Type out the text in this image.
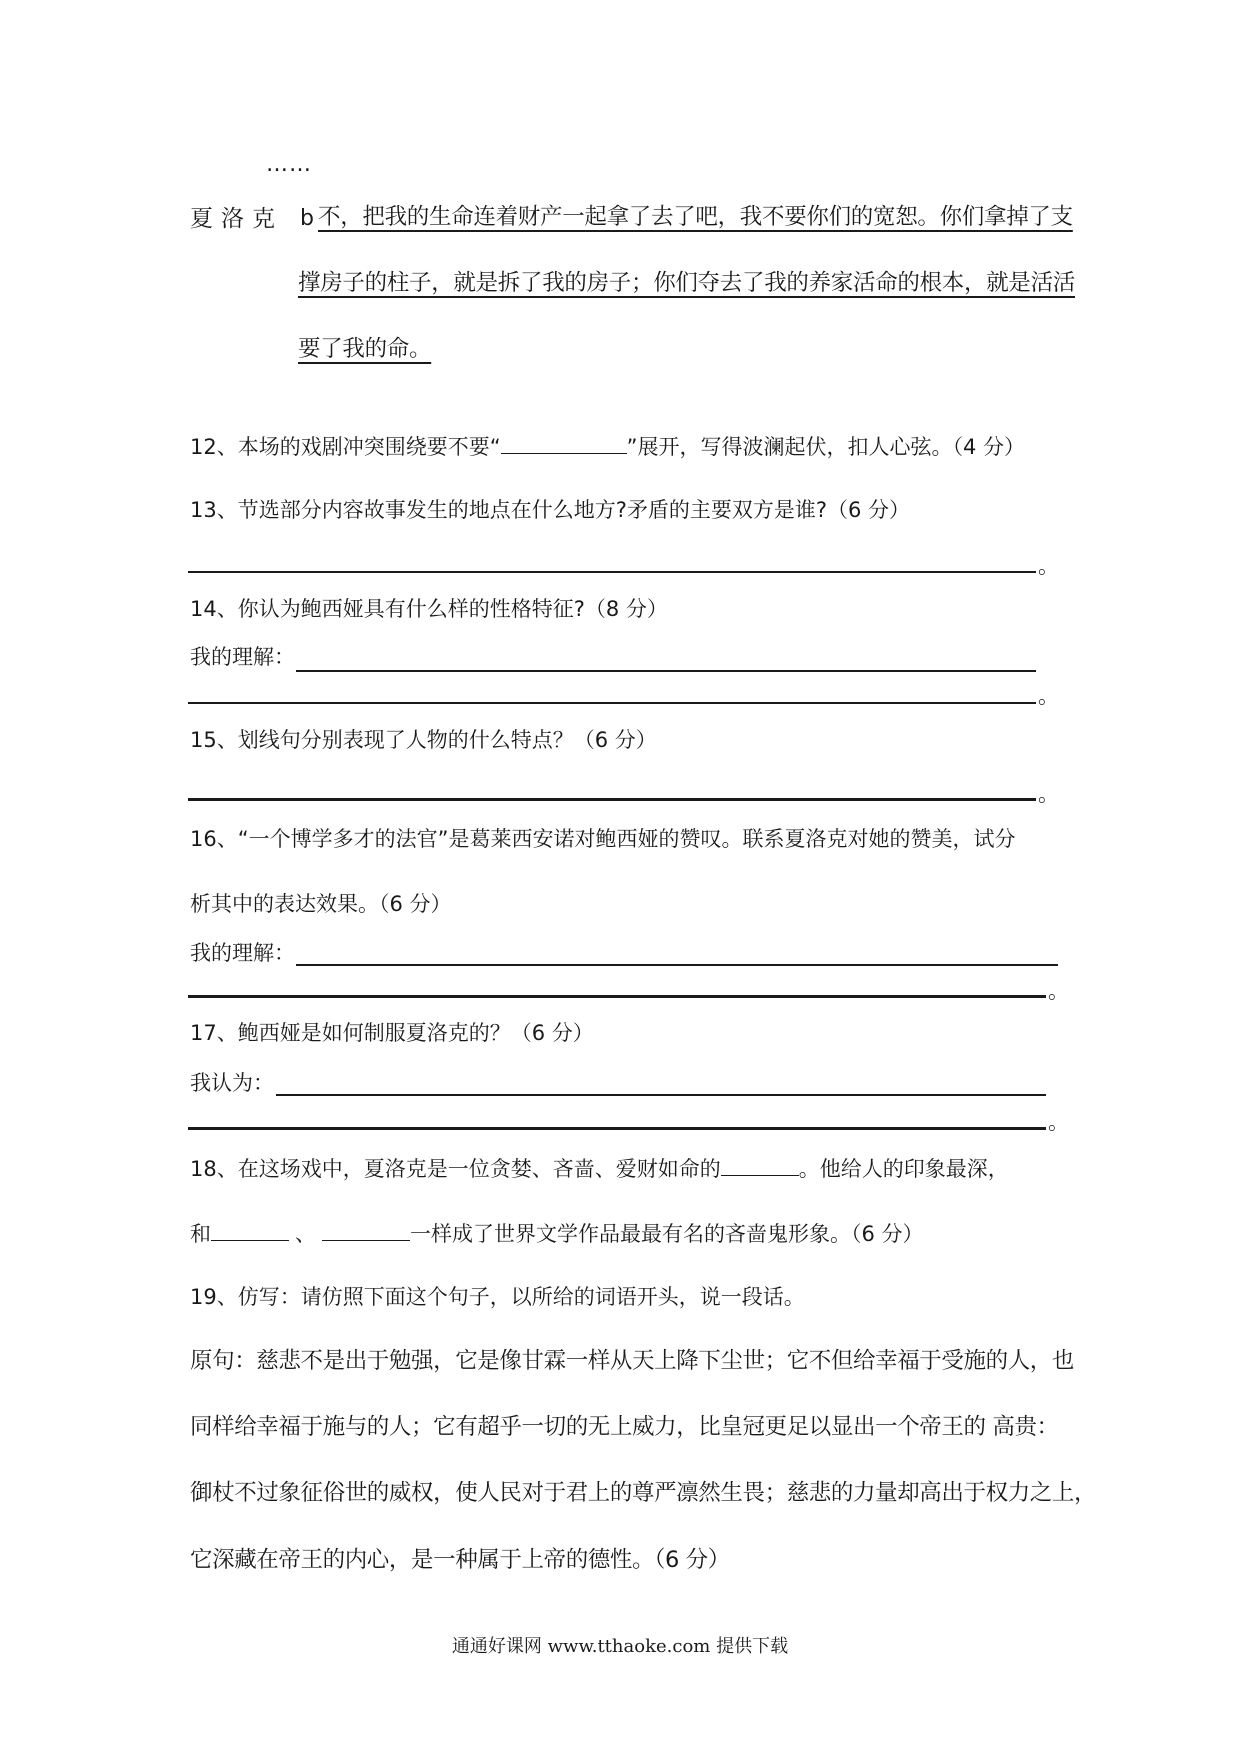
……
夏洛克 b 不，把我的生命连着财产一起拿了去了吧，我不要你们的宽恕。你们拿掉了支
撑房子的柱子，就是拆了我的房子；你们夺去了我的养家活命的根本，就是活活
要了我的命。
12、本场的戏剧冲突围绕要不要“	”展开，写得波澜起伏，扣人心弦。（4 分）
13、节选部分内容故事发生的地点在什么地方?矛盾的主要双方是谁?（6 分）
。
14、你认为鲍西娅具有什么样的性格特征?（8 分）
我的理解：
。
15、划线句分别表现了人物的什么特点？（6 分）
。
16、“一个博学多才的法官”是葛莱西安诺对鲍西娅的赞叹。联系夏洛克对她的赞美，试分
析其中的表达效果。（6 分）
我的理解：
。
17、鲍西娅是如何制服夏洛克的？（6 分）
我认为：
。
18、在这场戏中，夏洛克是一位贪婪、吝啬、爱财如命的	。他给人的印象最深，
和	、	一样成了世界文学作品最最有名的吝啬鬼形象。（6 分）
19、仿写：请仿照下面这个句子，以所给的词语开头，说一段话。
原句：慈悲不是出于勉强，它是像甘霖一样从天上降下尘世；它不但给幸福于受施的人，也
同样给幸福于施与的人；它有超乎一切的无上威力，比皇冠更足以显出一个帝王的 高贵：
御杖不过象征俗世的威权，使人民对于君上的尊严凛然生畏；慈悲的力量却高出于权力之上，
它深藏在帝王的内心，是一种属于上帝的德性。（6 分）
通通好课网 www.tthaoke.com 提供下载
